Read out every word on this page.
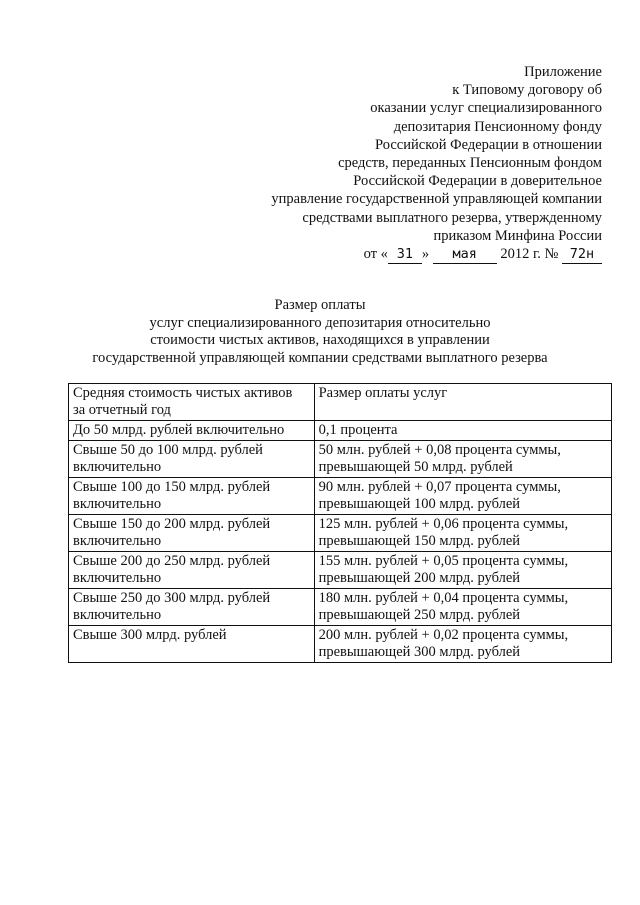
Приложение
к Типовому договору об
оказании услуг специализированного
депозитария Пенсионному фонду
Российской Федерации в отношении
средств, переданных Пенсионным фондом
Российской Федерации в доверительное
управление государственной управляющей компании
средствами выплатного резерва, утвержденному
приказом Минфина России
от « 31 » мая 2012 г. № 72н
Размер оплаты
услуг специализированного депозитария относительно
стоимости чистых активов, находящихся в управлении
государственной управляющей компании средствами выплатного резерва
Средняя стоимость чистых активов
за отчетный год	Размер оплаты услуг

До 50 млрд. рублей включительно	0,1 процента

Свыше 50 до 100 млрд. рублей
включительно	50 млн. рублей + 0,08 процента суммы,
превышающей 50 млрд. рублей

Свыше 100 до 150 млрд. рублей
включительно	90 млн. рублей + 0,07 процента суммы,
превышающей 100 млрд. рублей

Свыше 150 до 200 млрд. рублей
включительно	125 млн. рублей + 0,06 процента суммы,
превышающей 150 млрд. рублей

Свыше 200 до 250 млрд. рублей
включительно	155 млн. рублей + 0,05 процента суммы,
превышающей 200 млрд. рублей

Свыше 250 до 300 млрд. рублей
включительно	180 млн. рублей + 0,04 процента суммы,
превышающей 250 млрд. рублей

Свыше 300 млрд. рублей	200 млн. рублей + 0,02 процента суммы,
превышающей 300 млрд. рублей
